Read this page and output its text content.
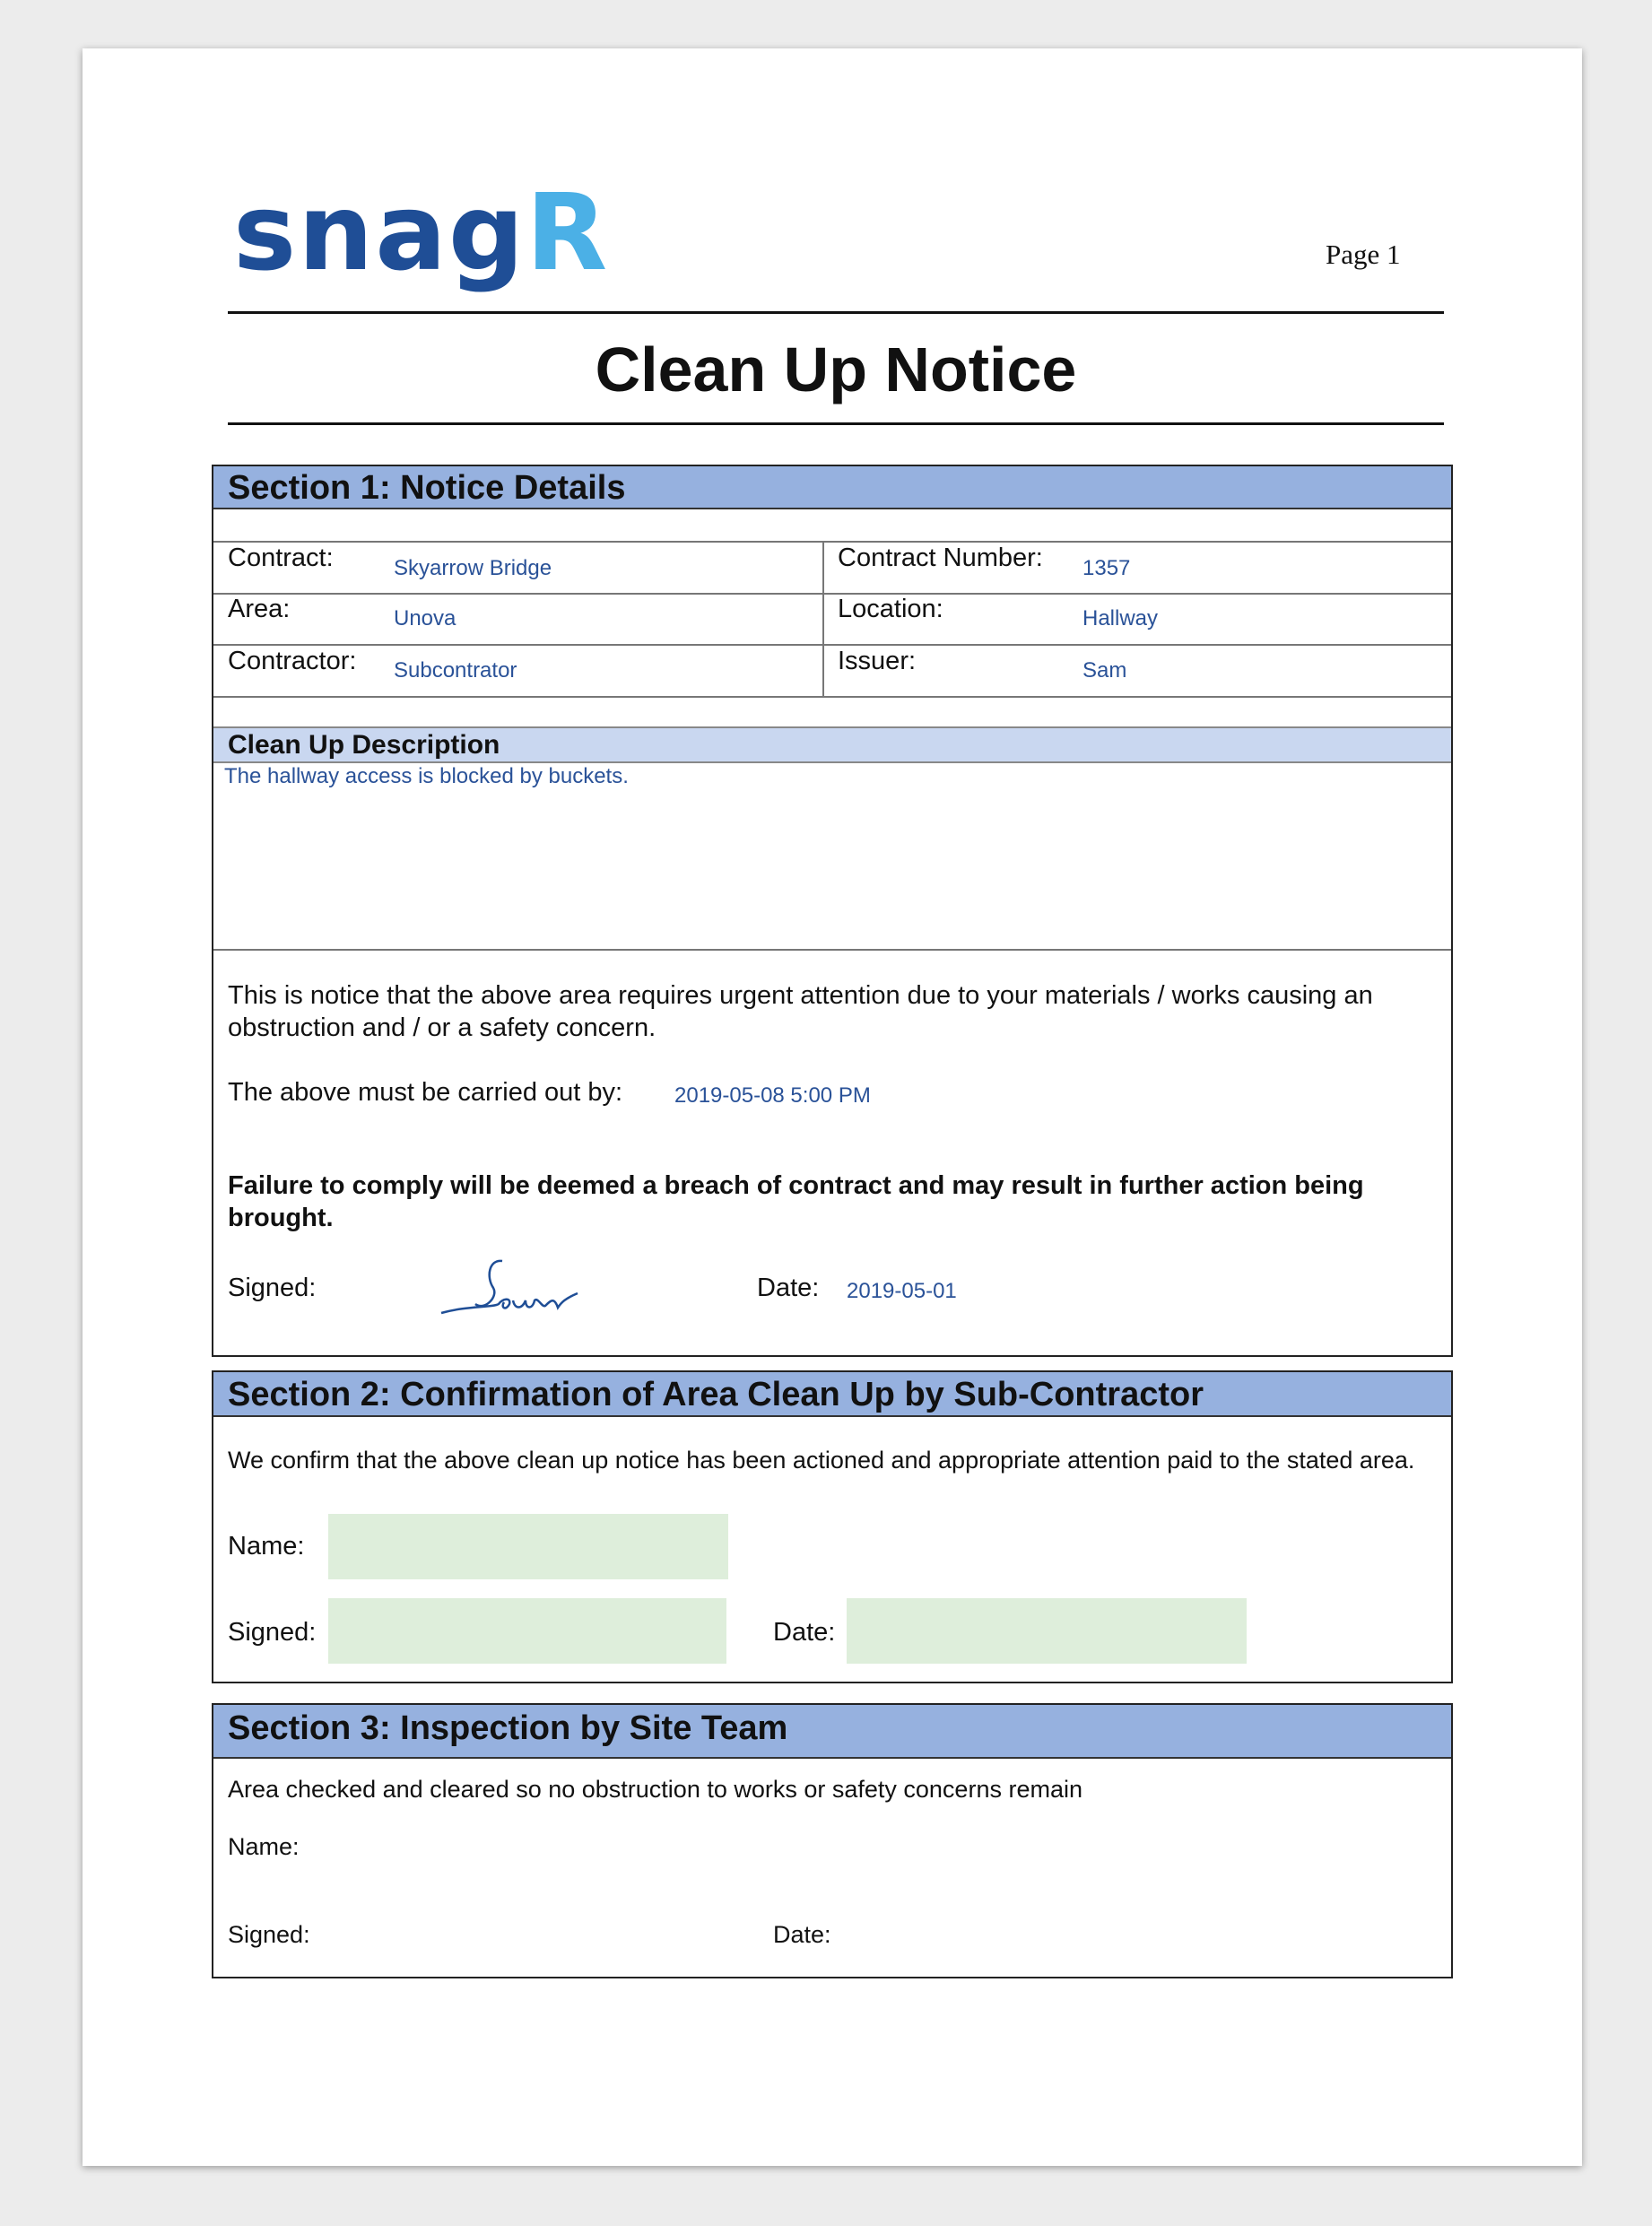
snagR	Page 1
Clean Up Notice
Section 1: Notice Details
Contract:	Skyarrow Bridge	Contract Number: 1357
Area:	Unova	Location:	Hallway
Contractor: Subcontrator	Issuer:	Sam
Clean Up Description
The hallway access is blocked by buckets.
This is notice that the above area requires urgent attention due to your materials / works causing an obstruction and / or a safety concern.
The above must be carried out by: 2019-05-08 5:00 PM
Failure to comply will be deemed a breach of contract and may result in further action being brought.
Signed:	Date: 2019-05-01
Section 2: Confirmation of Area Clean Up by Sub-Contractor
We confirm that the above clean up notice has been actioned and appropriate attention paid to the stated area.
Name:
Signed:	Date:
Section 3: Inspection by Site Team
Area checked and cleared so no obstruction to works or safety concerns remain
Name:
Signed:	Date:
